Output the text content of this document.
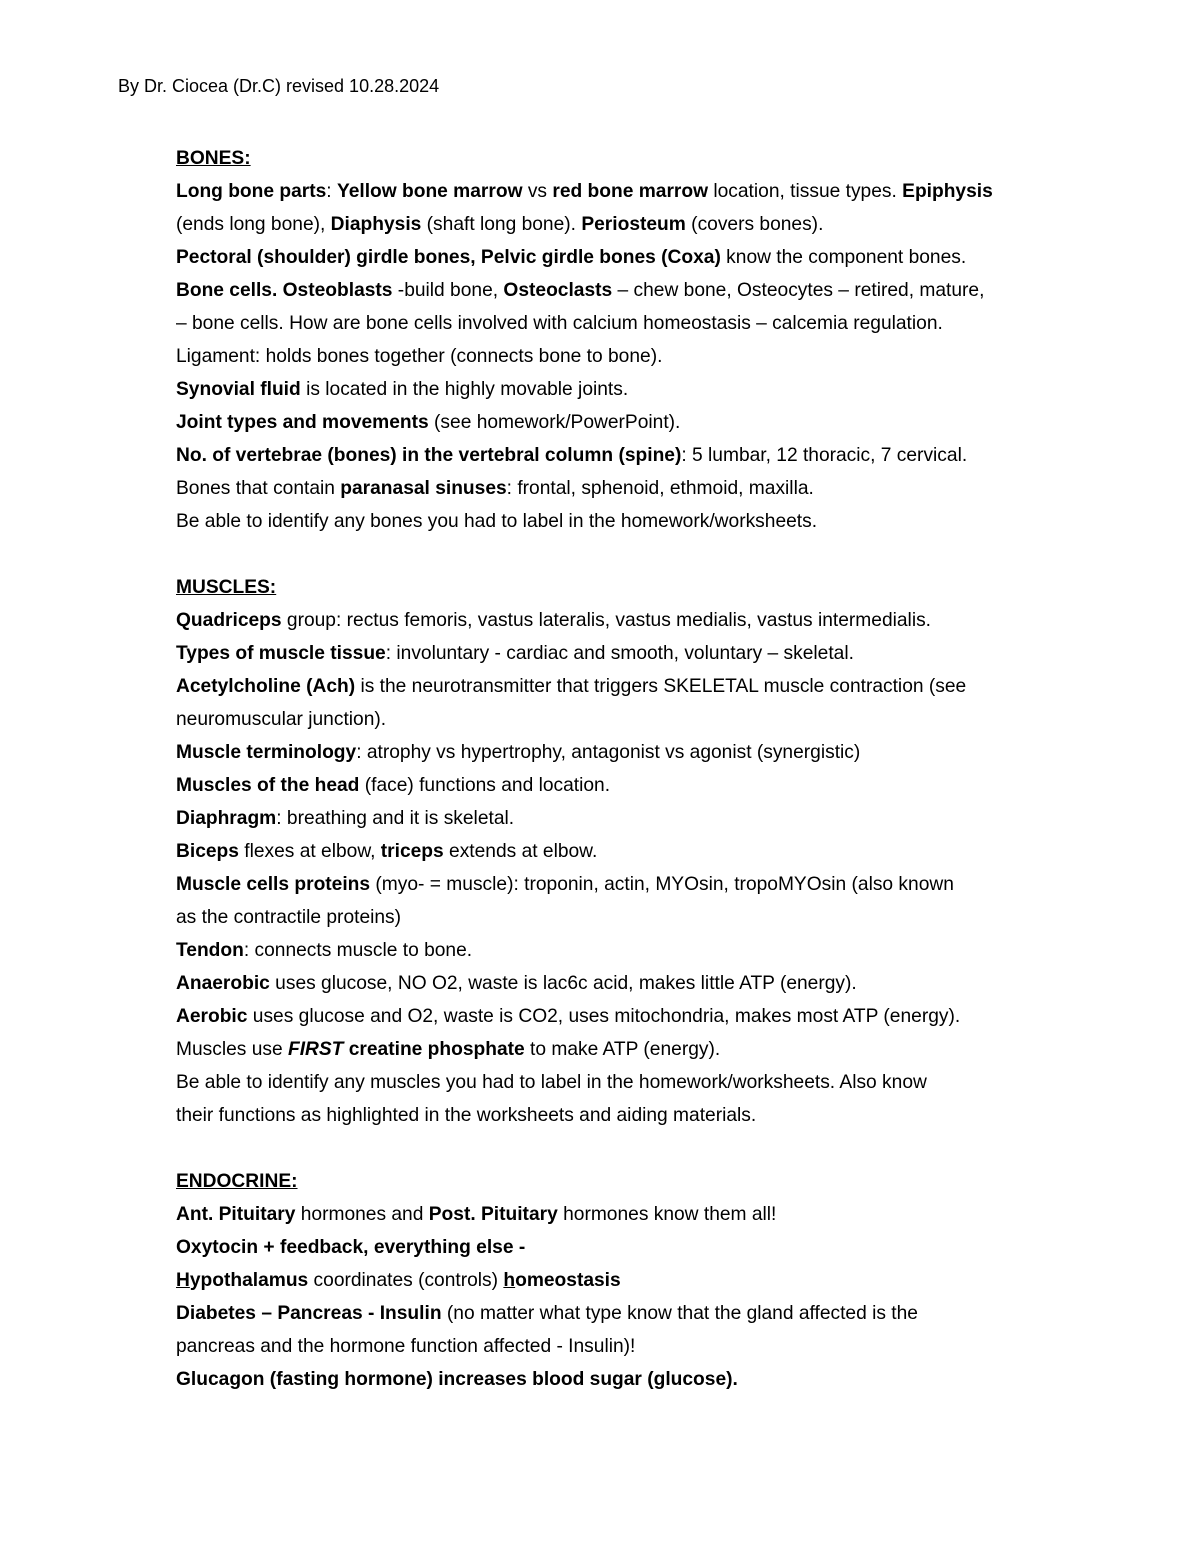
By Dr. Ciocea (Dr.C) revised 10.28.2024
BONES:
Long bone parts: Yellow bone marrow vs red bone marrow location, tissue types. Epiphysis
(ends long bone), Diaphysis (shaft long bone). Periosteum (covers bones).
Pectoral (shoulder) girdle bones, Pelvic girdle bones (Coxa) know the component bones.
Bone cells. Osteoblasts -build bone, Osteoclasts – chew bone, Osteocytes – retired, mature,
– bone cells. How are bone cells involved with calcium homeostasis – calcemia regulation.
Ligament: holds bones together (connects bone to bone).
Synovial fluid is located in the highly movable joints.
Joint types and movements (see homework/PowerPoint).
No. of vertebrae (bones) in the vertebral column (spine): 5 lumbar, 12 thoracic, 7 cervical.
Bones that contain paranasal sinuses: frontal, sphenoid, ethmoid, maxilla.
Be able to identify any bones you had to label in the homework/worksheets.
MUSCLES:
Quadriceps group: rectus femoris, vastus lateralis, vastus medialis, vastus intermedialis.
Types of muscle tissue: involuntary - cardiac and smooth, voluntary – skeletal.
Acetylcholine (Ach) is the neurotransmitter that triggers SKELETAL muscle contraction (see
neuromuscular junction).
Muscle terminology: atrophy vs hypertrophy, antagonist vs agonist (synergistic)
Muscles of the head (face) functions and location.
Diaphragm: breathing and it is skeletal.
Biceps flexes at elbow, triceps extends at elbow.
Muscle cells proteins (myo- = muscle): troponin, actin, MYOsin, tropoMYOsin (also known
as the contractile proteins)
Tendon: connects muscle to bone.
Anaerobic uses glucose, NO O2, waste is lac6c acid, makes little ATP (energy).
Aerobic uses glucose and O2, waste is CO2, uses mitochondria, makes most ATP (energy).
Muscles use FIRST creatine phosphate to make ATP (energy).
Be able to identify any muscles you had to label in the homework/worksheets. Also know
their functions as highlighted in the worksheets and aiding materials.
ENDOCRINE:
Ant. Pituitary hormones and Post. Pituitary hormones know them all!
Oxytocin + feedback, everything else -
Hypothalamus coordinates (controls) homeostasis
Diabetes – Pancreas - Insulin (no matter what type know that the gland affected is the
pancreas and the hormone function affected - Insulin)!
Glucagon (fasting hormone) increases blood sugar (glucose).
